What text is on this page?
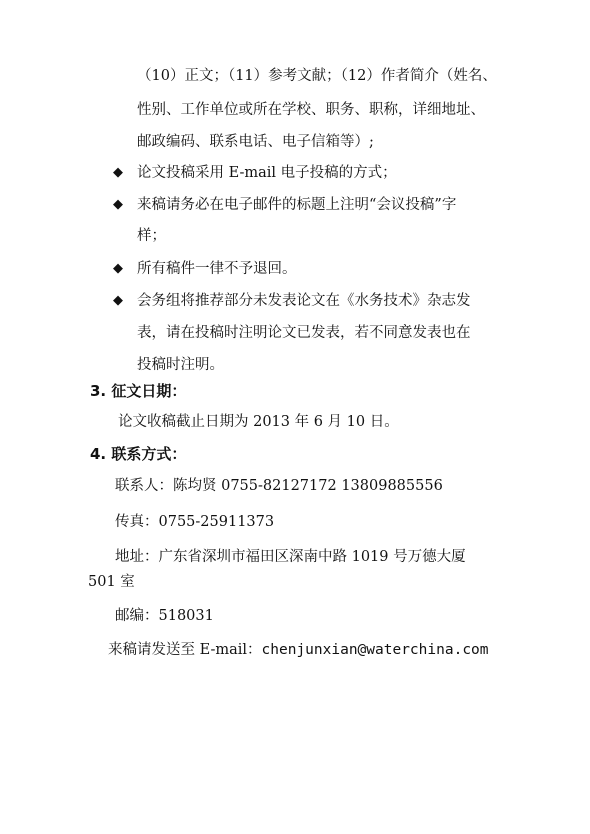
（10）正文；（11）参考文献；（12）作者简介（姓名、
性别、工作单位或所在学校、职务、职称，详细地址、
邮政编码、联系电话、电子信箱等）;
◆ 论文投稿采用 E-mail 电子投稿的方式；
◆ 来稿请务必在电子邮件的标题上注明“会议投稿”字
样；
◆ 所有稿件一律不予退回。
◆ 会务组将推荐部分未发表论文在《水务技术》杂志发
表，请在投稿时注明论文已发表，若不同意发表也在
投稿时注明。
3. 征文日期：
论文收稿截止日期为 2013 年 6 月 10 日。
4. 联系方式：
联系人：陈均贤 0755-82127172 13809885556
传真：0755-25911373
地址：广东省深圳市福田区深南中路 1019 号万德大厦
501 室
邮编：518031
来稿请发送至 E-mail：chenjunxian@waterchina.com
